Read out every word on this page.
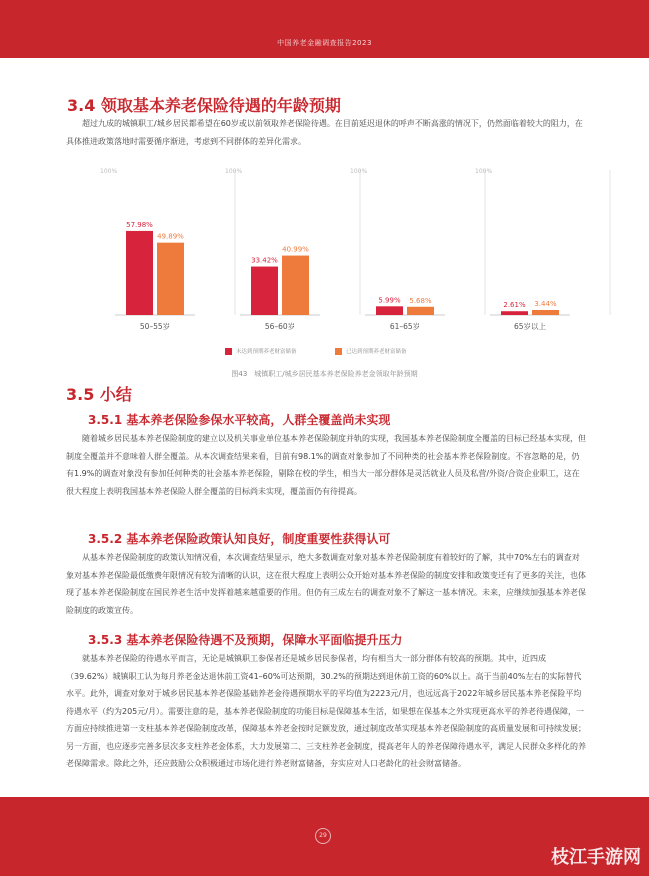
中国养老金融调查报告2023
3.4 领取基本养老保险待遇的年龄预期
超过九成的城镇职工/城乡居民都希望在60岁或以前领取养老保险待遇。在目前延迟退休的呼声不断高涨的情况下，仍然面临着较大的阻力，在具体推进政策落地时需要循序渐进，考虑到不同群体的差异化需求。
100%
57.98%
49.89%
50–55岁
100%
33.42%
40.99%
56–60岁
100%
5.99% 5.68%
61–65岁
100%
2.61% 3.44%
65岁以上
未达到预期养老财富储备	已达到预期养老财富储备
图43　城镇职工/城乡居民基本养老保险养老金领取年龄预期
3.5 小结
3.5.1 基本养老保险参保水平较高，人群全覆盖尚未实现
随着城乡居民基本养老保险制度的建立以及机关事业单位基本养老保险制度并轨的实现，我国基本养老保险制度全覆盖的目标已经基本实现，但制度全覆盖并不意味着人群全覆盖。从本次调查结果来看，目前有98.1%的调查对象参加了不同种类的社会基本养老保险制度。不容忽略的是，仍有1.9%的调查对象没有参加任何种类的社会基本养老保险，剔除在校的学生，相当大一部分群体是灵活就业人员及私营/外资/合资企业职工，这在很大程度上表明我国基本养老保险人群全覆盖的目标尚未实现，覆盖面仍有待提高。
3.5.2 基本养老保险政策认知良好，制度重要性获得认可
从基本养老保险制度的政策认知情况看，本次调查结果显示，绝大多数调查对象对基本养老保险制度有着较好的了解，其中70%左右的调查对象对基本养老保险最低缴费年限情况有较为清晰的认识，这在很大程度上表明公众开始对基本养老保险的制度安排和政策变迁有了更多的关注，也体现了基本养老保险制度在国民养老生活中发挥着越来越重要的作用。但仍有三成左右的调查对象不了解这一基本情况。未来，应继续加强基本养老保险制度的政策宣传。
3.5.3 基本养老保险待遇不及预期，保障水平面临提升压力
就基本养老保险的待遇水平而言，无论是城镇职工参保者还是城乡居民参保者，均有相当大一部分群体有较高的预期。其中，近四成（39.62%）城镇职工认为每月养老金达退休前工资41–60%可达预期，30.2%的预期达到退休前工资的60%以上。高于当前40%左右的实际替代水平。此外，调查对象对于城乡居民基本养老保险基础养老金待遇预期水平的平均值为2223元/月，也远远高于2022年城乡居民基本养老保险平均待遇水平（约为205元/月）。需要注意的是，基本养老保险制度的功能目标是保障基本生活，如果想在保基本之外实现更高水平的养老待遇保障，一方面应持续推进第一支柱基本养老保险制度改革，保障基本养老金按时足额发放，通过制度改革实现基本养老保险制度的高质量发展和可持续发展；另一方面，也应逐步完善多层次多支柱养老金体系，大力发展第二、三支柱养老金制度，提高老年人的养老保障待遇水平，满足人民群众多样化的养老保障需求。除此之外，还应鼓励公众积极通过市场化进行养老财富储备，夯实应对人口老龄化的社会财富储备。
29
枝江手游网
